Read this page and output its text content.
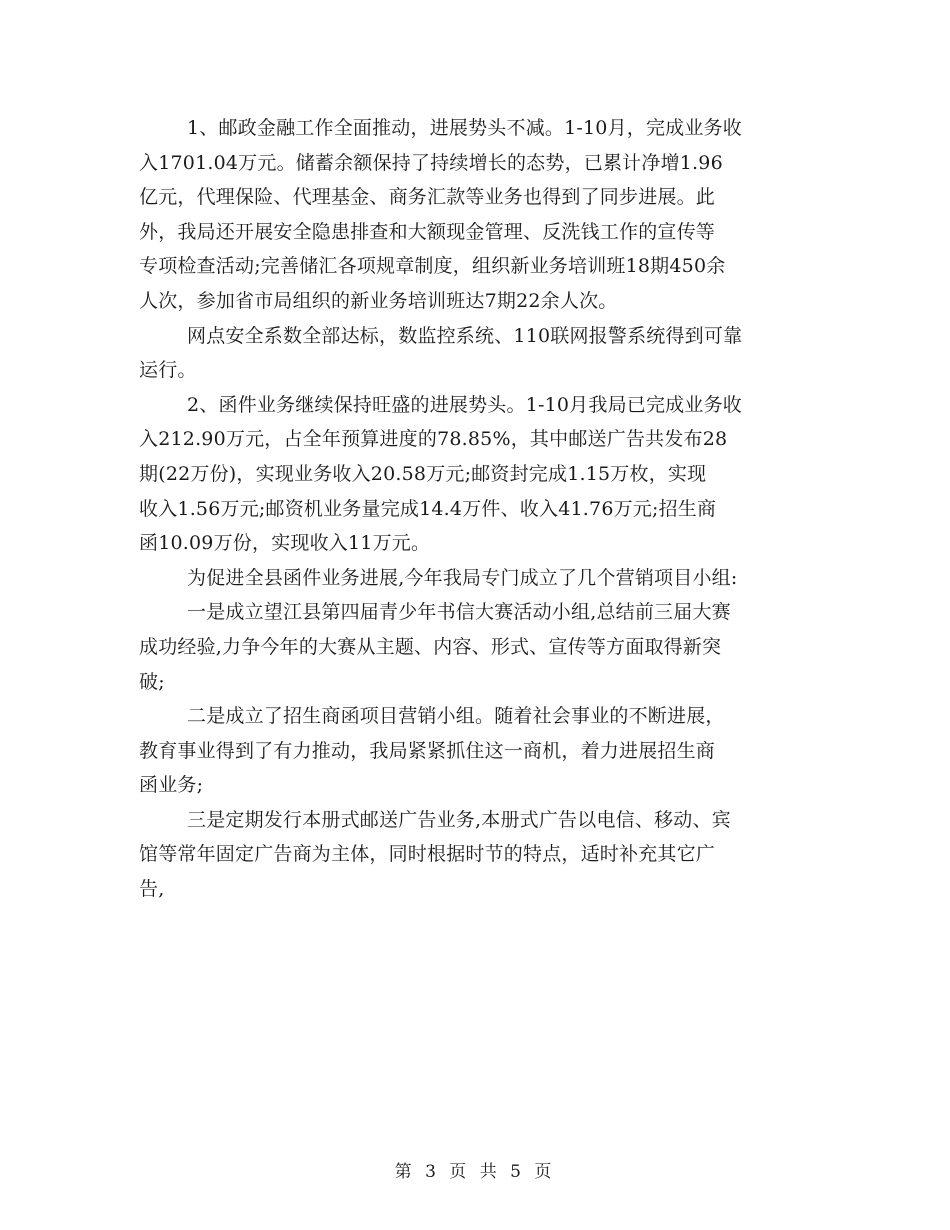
1、邮政金融工作全面推动，进展势头不减。1-10月，完成业务收
入1701.04万元。储蓄余额保持了持续增长的态势，已累计净增1.96
亿元，代理保险、代理基金、商务汇款等业务也得到了同步进展。此
外，我局还开展安全隐患排查和大额现金管理、反洗钱工作的宣传等
专项检查活动;完善储汇各项规章制度，组织新业务培训班18期450余
人次，参加省市局组织的新业务培训班达7期22余人次。
网点安全系数全部达标，数监控系统、110联网报警系统得到可靠
运行。
2、函件业务继续保持旺盛的进展势头。1-10月我局已完成业务收
入212.90万元，占全年预算进度的78.85%，其中邮送广告共发布28
期(22万份)，实现业务收入20.58万元;邮资封完成1.15万枚，实现
收入1.56万元;邮资机业务量完成14.4万件、收入41.76万元;招生商
函10.09万份，实现收入11万元。
为促进全县函件业务进展,今年我局专门成立了几个营销项目小组:
一是成立望江县第四届青少年书信大赛活动小组,总结前三届大赛
成功经验,力争今年的大赛从主题、内容、形式、宣传等方面取得新突
破;
二是成立了招生商函项目营销小组。随着社会事业的不断进展，
教育事业得到了有力推动，我局紧紧抓住这一商机，着力进展招生商
函业务;
三是定期发行本册式邮送广告业务,本册式广告以电信、移动、宾
馆等常年固定广告商为主体，同时根据时节的特点，适时补充其它广
告,
第 3 页 共 5 页
